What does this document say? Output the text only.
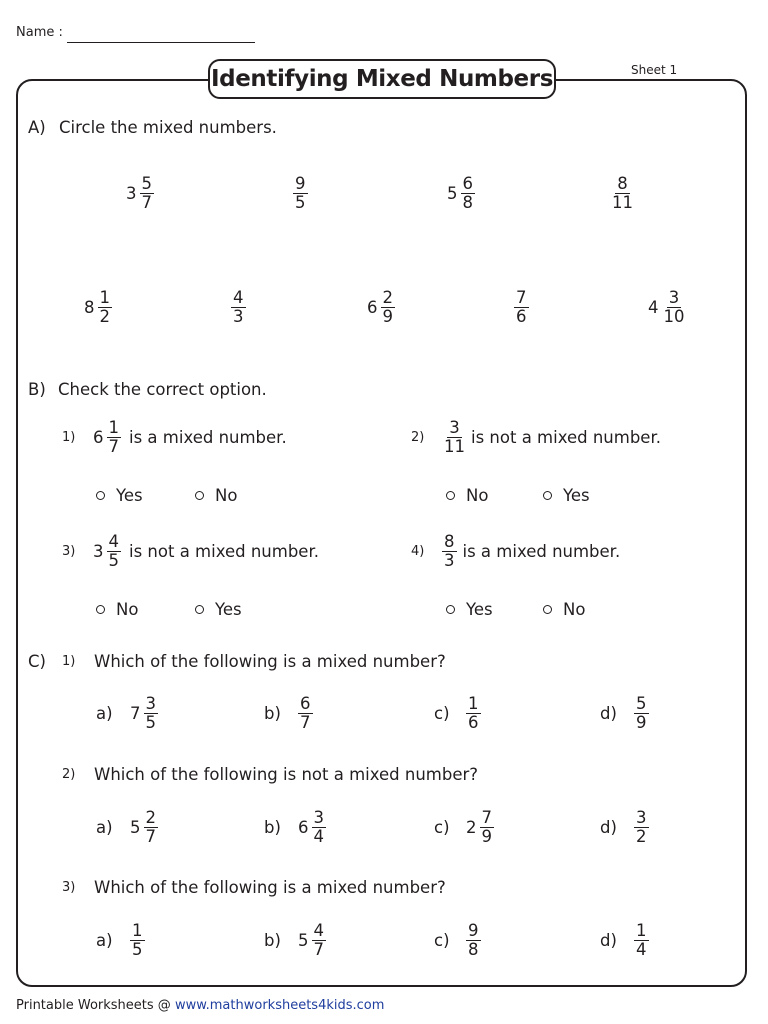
Name :
Sheet 1
Identifying Mixed Numbers
A) Circle the mixed numbers.
$3 \frac{5}{7}$	$\frac{9}{5}$	$5 \frac{6}{8}$	$\frac{8}{11}$
$8 \frac{1}{2}$	$\frac{4}{3}$	$6 \frac{2}{9}$	$\frac{7}{6}$	$4 \frac{3}{10}$
B) Check the correct option.
1) $6 \frac{1}{7}$ is a mixed number.
Yes	No
$2) \frac{3}{11}$ is not a mixed number.
No	Yes
3) $3 \frac{4}{5}$ is not a mixed number.
No	Yes
$4) \frac{8}{3}$ is a mixed number.
Yes	No
C) 1) Which of the following is a mixed number?
a)	$7 \frac{3}{5}$	b)	$\frac{6}{7}$	$c) \frac{1}{6}$	d)	$\frac{5}{9}$
2) Which of the following is not a mixed number?
a)	$5 \frac{2}{7}$	b)	$6 \frac{3}{4}$	c) $2 \frac{7}{9}$	d)	$\frac{3}{2}$
3) Which of the following is a mixed number?
a)	$\frac{1}{5}$	b)	$5 \frac{4}{7}$	$c) \frac{9}{8}$	d)	$\frac{1}{4}$
Printable Worksheets @ www.mathworksheets4kids.com
